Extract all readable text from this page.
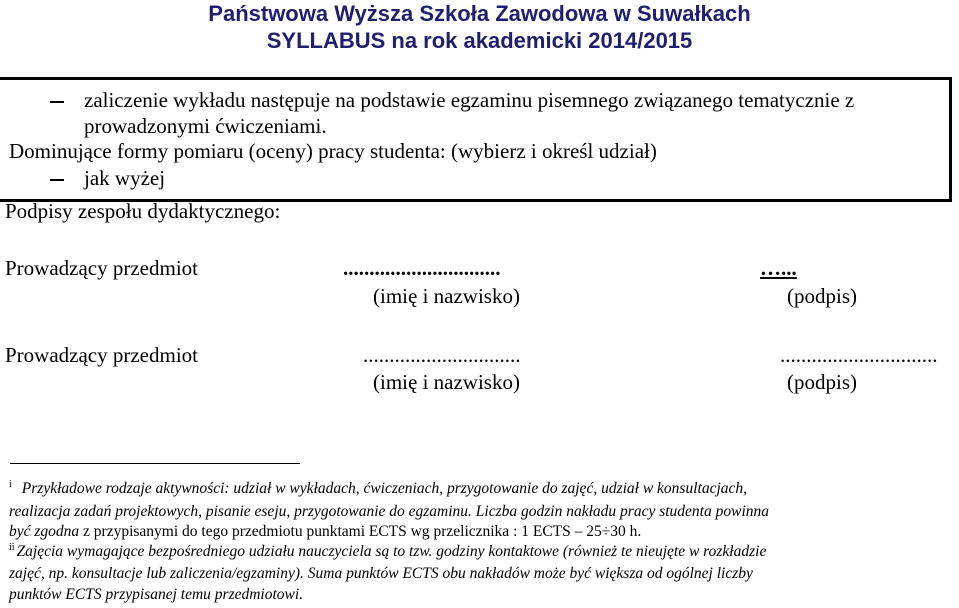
Państwowa Wyższa Szkoła Zawodowa w Suwałkach
SYLLABUS na rok akademicki 2014/2015
zaliczenie wykładu następuje na podstawie egzaminu pisemnego związanego tematycznie z
prowadzonymi ćwiczeniami.
Dominujące formy pomiaru (oceny) pracy studenta: (wybierz i określ udział)
jak wyżej
Podpisy zespołu dydaktycznego:
Prowadzący przedmiot	..............................	…...
(imię i nazwisko)	(podpis)
Prowadzący przedmiot	..............................	..............................
(imię i nazwisko)	(podpis)
$^i$ Przykładowe rodzaje aktywności: udział w wykładach, ćwiczeniach, przygotowanie do zajęć, udział w konsultacjach,
realizacja zadań projektowych, pisanie eseju, przygotowanie do egzaminu. Liczba godzin nakładu pracy studenta powinna
być zgodna z przypisanymi do tego przedmiotu punktami ECTS wg przelicznika : 1 ECTS – 25÷30 h.
$^{ii}$ Zajęcia wymagające bezpośredniego udziału nauczyciela są to tzw. godziny kontaktowe (również te nieujęte w rozkładzie
zajęć, np. konsultacje lub zaliczenia/egzaminy). Suma punktów ECTS obu nakładów może być większa od ogólnej liczby
punktów ECTS przypisanej temu przedmiotowi.
